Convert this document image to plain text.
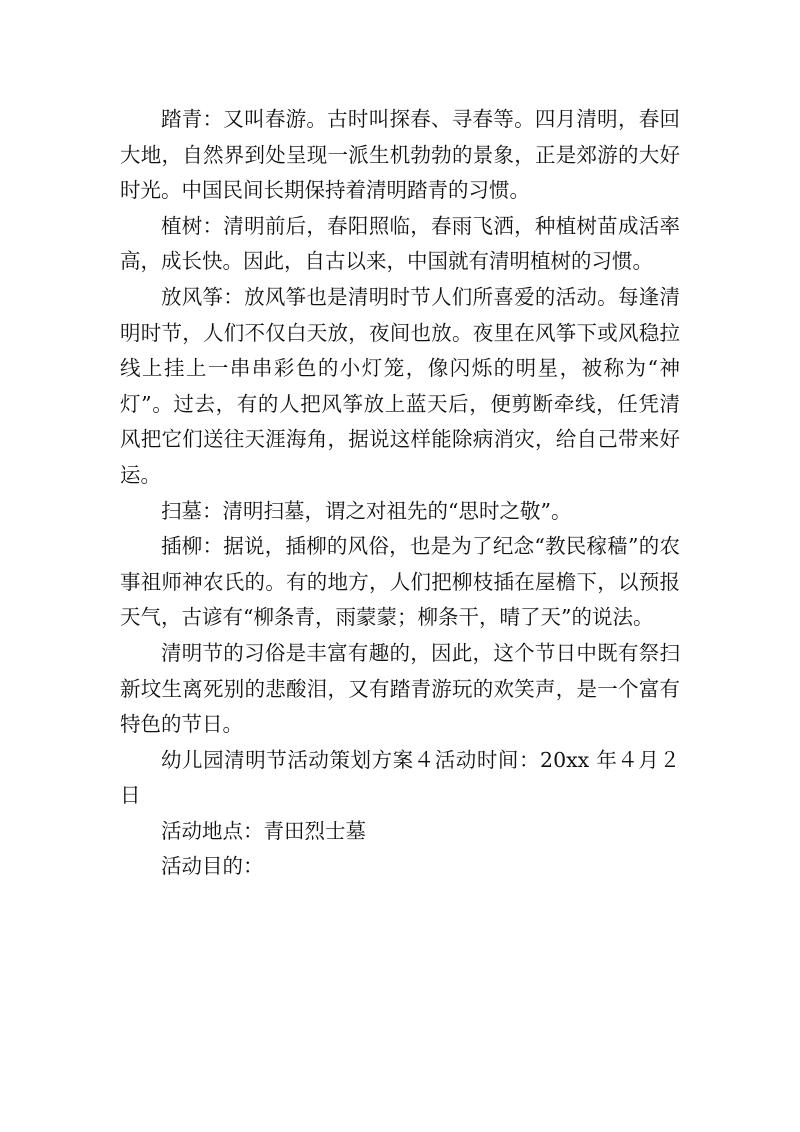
踏青：又叫春游。古时叫探春、寻春等。四月清明，春回大地，自然界到处呈现一派生机勃勃的景象，正是郊游的大好时光。中国民间长期保持着清明踏青的习惯。

植树：清明前后，春阳照临，春雨飞洒，种植树苗成活率高，成长快。因此，自古以来，中国就有清明植树的习惯。

放风筝：放风筝也是清明时节人们所喜爱的活动。每逢清明时节，人们不仅白天放，夜间也放。夜里在风筝下或风稳拉线上挂上一串串彩色的小灯笼，像闪烁的明星，被称为“神灯”。过去，有的人把风筝放上蓝天后，便剪断牵线，任凭清风把它们送往天涯海角，据说这样能除病消灾，给自己带来好运。

扫墓：清明扫墓，谓之对祖先的“思时之敬”。

插柳：据说，插柳的风俗，也是为了纪念“教民稼穑”的农事祖师神农氏的。有的地方，人们把柳枝插在屋檐下，以预报天气，古谚有“柳条青，雨蒙蒙；柳条干，晴了天”的说法。

清明节的习俗是丰富有趣的，因此，这个节日中既有祭扫新坟生离死别的悲酸泪，又有踏青游玩的欢笑声，是一个富有特色的节日。

幼儿园清明节活动策划方案４活动时间：20xx 年４月２日

活动地点：青田烈士墓

活动目的：
